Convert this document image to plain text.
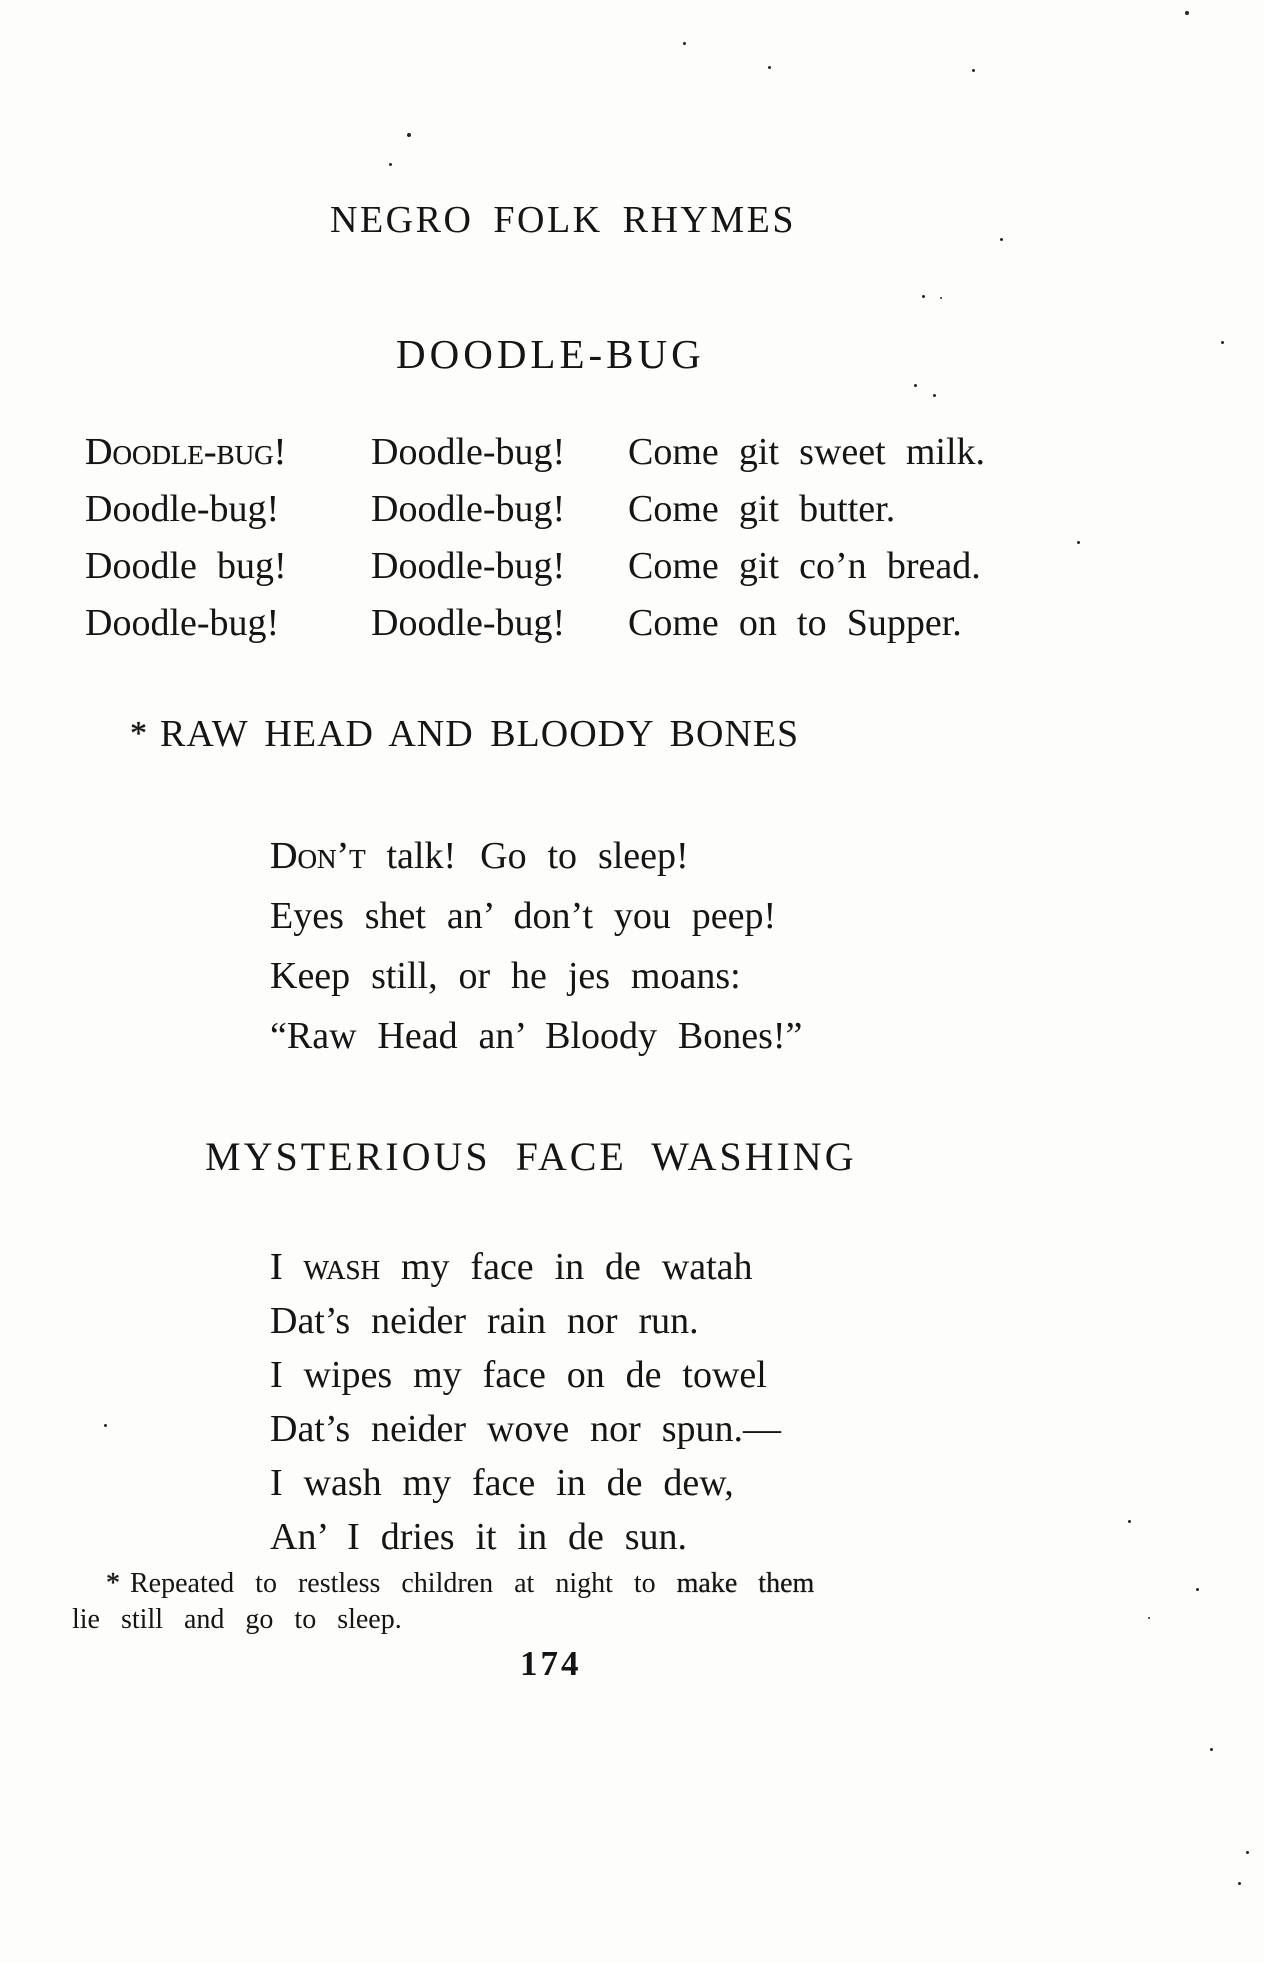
NEGRO FOLK RHYMES
DOODLE-BUG
Doodle-bug! Doodle-bug! Come git sweet milk.
Doodle-bug! Doodle-bug! Come git butter.
Doodle bug! Doodle-bug! Come git co’n bread.
Doodle-bug! Doodle-bug! Come on to Supper.
* RAW HEAD AND BLOODY BONES
Don’t talk! Go to sleep!
Eyes shet an’ don’t you peep!
Keep still, or he jes moans:
“Raw Head an’ Bloody Bones!”
MYSTERIOUS FACE WASHING
I wash my face in de watah
Dat’s neider rain nor run.
I wipes my face on de towel
Dat’s neider wove nor spun.—
I wash my face in de dew,
An’ I dries it in de sun.
* Repeated to restless children at night to make them
lie still and go to sleep.
174
